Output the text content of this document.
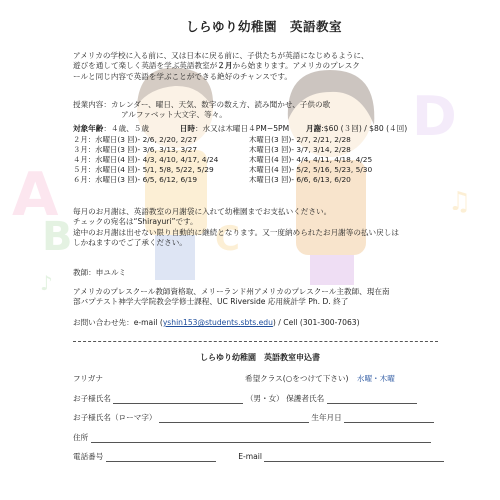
A
B	C
D
♫
♪
しらゆり幼稚園　英語教室
アメリカの学校に入る前に、又は日本に戻る前に、子供たちが英語になじめるように、
遊びを通して楽しく英語を学ぶ英語教室が２月から始まります。アメリカのプレスク
ールと同じ内容で英語を学ぶことができる絶好のチャンスです。
授業内容：カレンダー、曜日、天気、数字の数え方、読み聞かせ、子供の歌
アルファベット大文字、等々。
対象年齢：４歳、５歳	日時：水又は木曜日４PM−5PM 月謝:$60 (３回) / $80 (４回)
２月：水曜日(3 回)- 2/6, 2/20, 2/27	木曜日(3 回)- 2/7, 2/21, 2/28
３月：水曜日(3 回)- 3/6, 3/13, 3/27	木曜日(3 回)- 3/7, 3/14, 2/28
４月：水曜日(4 回)- 4/3, 4/10, 4/17, 4/24	木曜日(4 回)- 4/4, 4/11, 4/18, 4/25
５月：水曜日(4 回)- 5/1, 5/8, 5/22, 5/29	木曜日(4 回)- 5/2, 5/16, 5/23, 5/30
６月：水曜日(3 回)- 6/5, 6/12, 6/19	木曜日(3 回)- 6/6, 6/13, 6/20
毎月のお月謝は、英語教室の月謝袋に入れて幼稚園までお支払いください。
チェックの宛名は“Shirayuri”です。
途中のお月謝は出せない限り自動的に継続となります。又一度納められたお月謝等の払い戻しは
しかねますのでご了承ください。
教師：申ユルミ
アメリカのプレスクール教師資格取、メリーランド州アメリカのプレスクール主教師、現在南
部バプテスト神学大学院教会学修士課程、UC Riverside 応用統計学 Ph. D. 終了
お問い合わせ先：e-mail (yshin153@students.sbts.edu) / Cell (301-300-7063)
しらゆり幼稚園　英語教室申込書
フリガナ	希望クラス(○をつけて下さい) 水曜・木曜
お子様氏名	（男・女） 保護者氏名
お子様氏名（ローマ字）	生年月日
住所
電話番号	E-mail
